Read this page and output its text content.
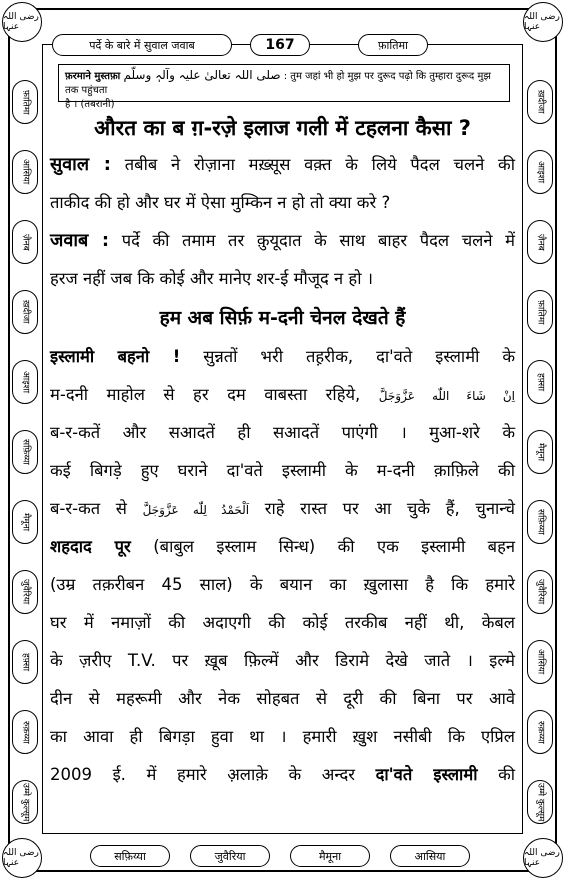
رضی اللہ عنہا
رضی اللہ عنہا
رضی اللہ عنہا
رضی اللہ عنہا
पर्दे के बारे में सुवाल जवाब	167	फ़ातिमा
फ़ातिमा
आसिया
ज़ैनब
ख़दीजा
आइशा
सफ़िय्या
मैमूना
जुवैरिया
हफ़्सा
रुक़य्या
उम्मे कुल्सूम
ख़दीजा
आइशा
ज़ैनब
फ़ातिमा
हफ़्सा
मैमूना
सफ़िय्या
जुवैरिया
आसिया
रुक़य्या
उम्मे कुल्सूम
सफ़िय्या	जुवैरिया	मैमूना	आसिया
फ़रमाने मुस्तफ़ा صلی اللہ تعالیٰ علیہ وآلہٖ وسلّم : तुम जहां भी हो मुझ पर दुरूद पढ़ो कि तुम्हारा दुरूद मुझ तक पहुंचता
है । (तबरानी)
औरत का ब ग़-रज़े इलाज गली में टहलना कैसा ?
सुवाल : तबीब ने रोज़ाना मख़्सूस वक़्त के लिये पैदल चलने की
ताकीद की हो और घर में ऐसा मुम्किन न हो तो क्या करे ?
जवाब : पर्दे की तमाम तर क़ुयूदात के साथ बाहर पैदल चलने में
हरज नहीं जब कि कोई और मानेए शर-ई मौजूद न हो ।
हम अब सिर्फ़ म-दनी चेनल देखते हैं
इस्लामी बहनो ! सुन्नतों भरी तह़रीक, दा'वते इस्लामी के
म-दनी माहोल से हर दम वाबस्ता रहिये, اِنْ شَاءَ اللّٰه عَزَّوَجَلَّ
ब-र-कतें और सआदतें ही सआदतें पाएंगी । मुआ-शरे के
कई बिगड़े हुए घराने दा'वते इस्लामी के म-दनी क़ाफ़िले की
ब-र-कत से اَلْحَمْدُ لِلّٰه عَزَّوَجَلَّ राहे रास्त पर आ चुके हैं, चुनान्चे
शहदाद पूर (बाबुल इस्लाम सिन्ध) की एक इस्लामी बहन
(उम्र तक़रीबन 45 साल) के बयान का ख़ुलासा है कि हमारे
घर में नमाज़ों की अदाएगी की कोई तरकीब नहीं थी, केबल
के ज़रीए T.V. पर ख़ूब फ़िल्में और डिरामे देखे जाते । इल्मे
दीन से महरूमी और नेक सोहबत से दूरी की बिना पर आवे
का आवा ही बिगड़ा हुवा था । हमारी ख़ुश नसीबी कि एप्रिल
2009 ई. में हमारे अ़लाक़े के अन्दर दा'वते इस्लामी की
